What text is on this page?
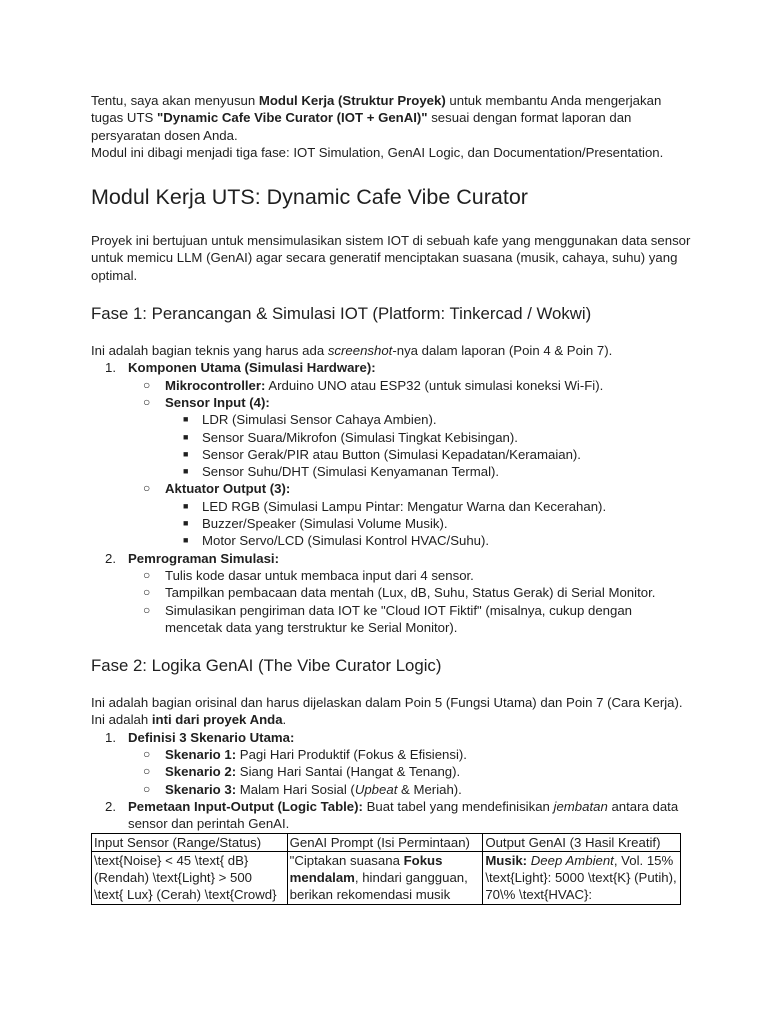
Tentu, saya akan menyusun Modul Kerja (Struktur Proyek) untuk membantu Anda mengerjakan tugas UTS "Dynamic Cafe Vibe Curator (IOT + GenAI)" sesuai dengan format laporan dan persyaratan dosen Anda.

Modul ini dibagi menjadi tiga fase: IOT Simulation, GenAI Logic, dan Documentation/Presentation.

Modul Kerja UTS: Dynamic Cafe Vibe Curator

Proyek ini bertujuan untuk mensimulasikan sistem IOT di sebuah kafe yang menggunakan data sensor untuk memicu LLM (GenAI) agar secara generatif menciptakan suasana (musik, cahaya, suhu) yang optimal.

Fase 1: Perancangan & Simulasi IOT (Platform: Tinkercad / Wokwi)

Ini adalah bagian teknis yang harus ada screenshot-nya dalam laporan (Poin 4 & Poin 7).

1. Komponen Utama (Simulasi Hardware):
○ Mikrocontroller: Arduino UNO atau ESP32 (untuk simulasi koneksi Wi-Fi).
○ Sensor Input (4):
■ LDR (Simulasi Sensor Cahaya Ambien).
■ Sensor Suara/Mikrofon (Simulasi Tingkat Kebisingan).
■ Sensor Gerak/PIR atau Button (Simulasi Kepadatan/Keramaian).
■ Sensor Suhu/DHT (Simulasi Kenyamanan Termal).
○ Aktuator Output (3):
■ LED RGB (Simulasi Lampu Pintar: Mengatur Warna dan Kecerahan).
■ Buzzer/Speaker (Simulasi Volume Musik).
■ Motor Servo/LCD (Simulasi Kontrol HVAC/Suhu).
2. Pemrograman Simulasi:
○ Tulis kode dasar untuk membaca input dari 4 sensor.
○ Tampilkan pembacaan data mentah (Lux, dB, Suhu, Status Gerak) di Serial Monitor.
○ Simulasikan pengiriman data IOT ke "Cloud IOT Fiktif" (misalnya, cukup dengan mencetak data yang terstruktur ke Serial Monitor).
Fase 2: Logika GenAI (The Vibe Curator Logic)

Ini adalah bagian orisinal dan harus dijelaskan dalam Poin 5 (Fungsi Utama) dan Poin 7 (Cara Kerja). Ini adalah inti dari proyek Anda.

1. Definisi 3 Skenario Utama:
○ Skenario 1: Pagi Hari Produktif (Fokus & Efisiensi).
○ Skenario 2: Siang Hari Santai (Hangat & Tenang).
○ Skenario 3: Malam Hari Sosial (Upbeat & Meriah).
2. Pemetaan Input-Output (Logic Table): Buat tabel yang mendefinisikan jembatan antara data sensor dan perintah GenAI.
Input Sensor (Range/Status)	GenAI Prompt (Isi Permintaan)	Output GenAI (3 Hasil Kreatif)

\text{Noise} < 45 \text{ dB} (Rendah) \text{Light} > 500 \text{ Lux} (Cerah) \text{Crowd}	"Ciptakan suasana Fokus mendalam, hindari gangguan, berikan rekomendasi musik	Musik: Deep Ambient, Vol. 15% \text{Light}: 5000 \text{K} (Putih), 70\% \text{HVAC}:
